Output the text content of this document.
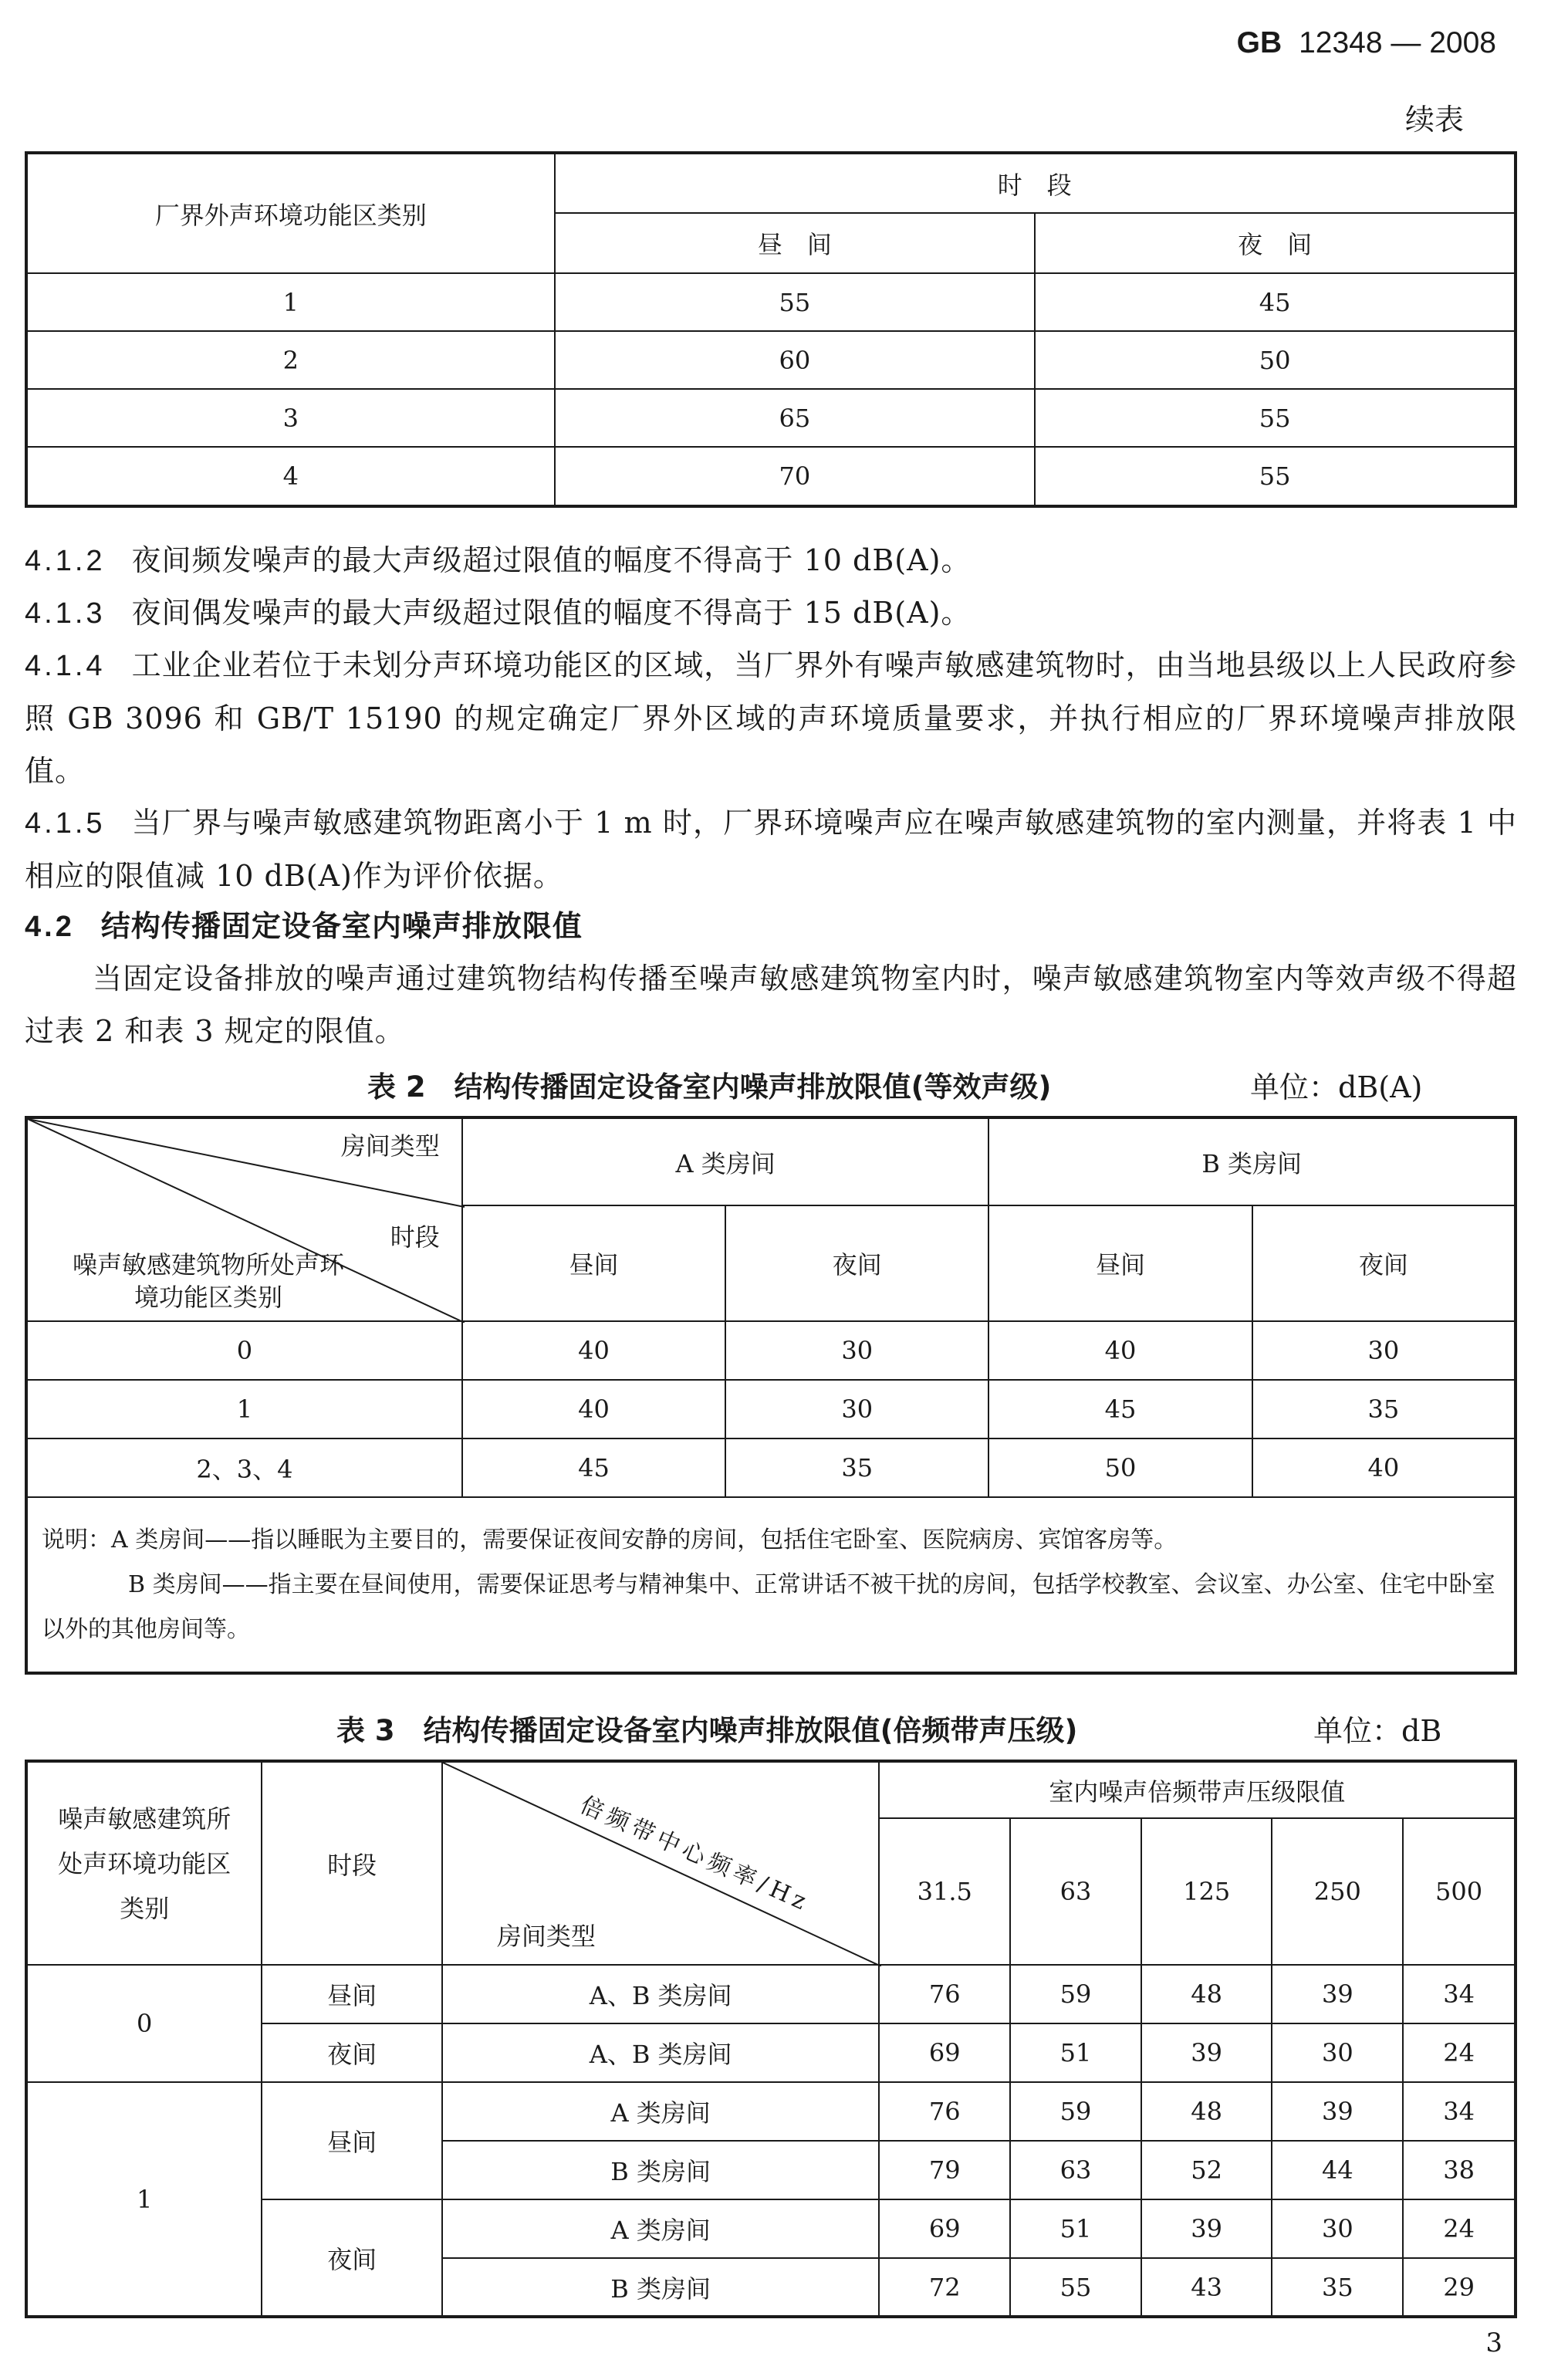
GB 12348 — 2008
续表
厂界外声环境功能区类别	时　段	
	昼　间	夜　间
1	55	45
2	60	50
3	65	55
4	70	55
4.1.2 夜间频发噪声的最大声级超过限值的幅度不得高于 10 dB(A)。
4.1.3 夜间偶发噪声的最大声级超过限值的幅度不得高于 15 dB(A)。
4.1.4 工业企业若位于未划分声环境功能区的区域，当厂界外有噪声敏感建筑物时，由当地县级以上人民政府参照 GB 3096 和 GB/T 15190 的规定确定厂界外区域的声环境质量要求，并执行相应的厂界环境噪声排放限值。
4.1.5 当厂界与噪声敏感建筑物距离小于 1 m 时，厂界环境噪声应在噪声敏感建筑物的室内测量，并将表 1 中相应的限值减 10 dB(A)作为评价依据。
4.2 结构传播固定设备室内噪声排放限值
当固定设备排放的噪声通过建筑物结构传播至噪声敏感建筑物室内时，噪声敏感建筑物室内等效声级不得超过表 2 和表 3 规定的限值。
表 2　结构传播固定设备室内噪声排放限值(等效声级)	单位：dB(A)
房间类型
时段
噪声敏感建筑物所处声环境功能区类别	A 类房间		B 类房间	
	昼间	夜间	昼间	夜间
0	40	30	40	30
1	40	30	45	35
2、3、4	45	35	50	40

说明：A 类房间——指以睡眠为主要目的，需要保证夜间安静的房间，包括住宅卧室、医院病房、宾馆客房等。
B 类房间——指主要在昼间使用，需要保证思考与精神集中、正常讲话不被干扰的房间，包括学校教室、会议室、办公室、住宅中卧室以外的其他房间等。				
表 3　结构传播固定设备室内噪声排放限值(倍频带声压级)	单位：dB
噪声敏感建筑所处声环境功能区类别	时段	倍频带中心频率/Hz
房间类型	室内噪声倍频带声压级限值				
			31.5	63	125	250	500
0	昼间	A、B 类房间	76	59	48	39	34
	夜间	A、B 类房间	69	51	39	30	24
1	昼间	A 类房间	76	59	48	39	34
		B 类房间	79	63	52	44	38
	夜间	A 类房间	69	51	39	30	24
		B 类房间	72	55	43	35	29
3
